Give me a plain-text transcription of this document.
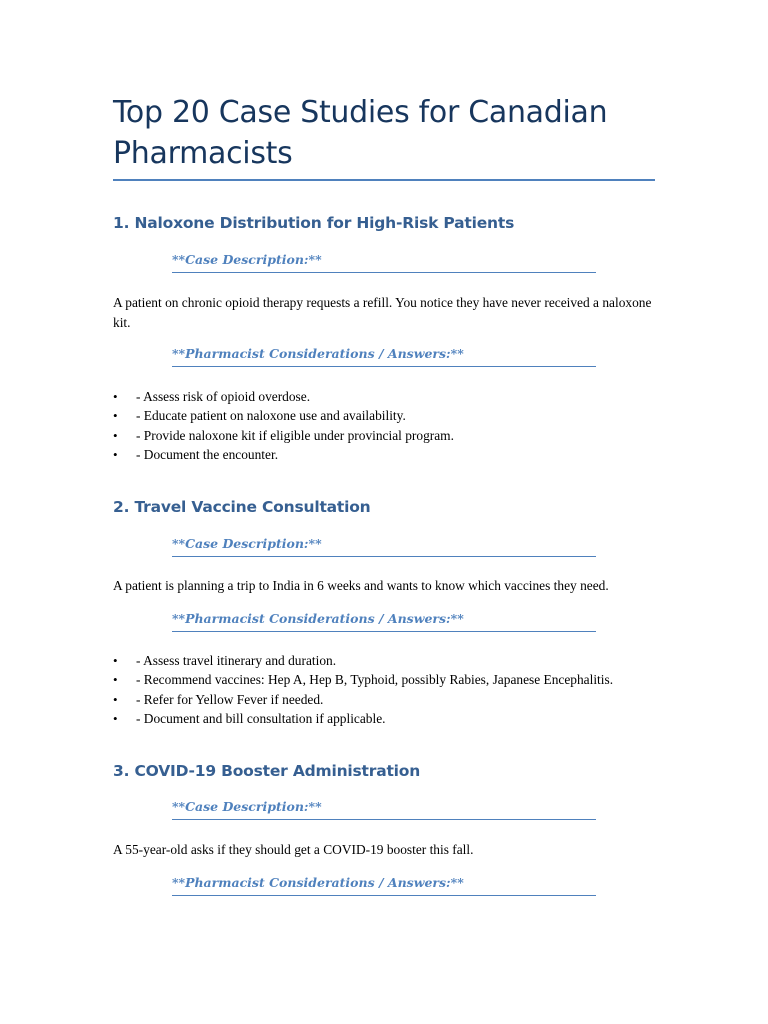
Top 20 Case Studies for Canadian Pharmacists
1. Naloxone Distribution for High-Risk Patients
**Case Description:**

A patient on chronic opioid therapy requests a refill. You notice they have never received a naloxone kit.

**Pharmacist Considerations / Answers:**
• - Assess risk of opioid overdose.
• - Educate patient on naloxone use and availability.
• - Provide naloxone kit if eligible under provincial program.
• - Document the encounter.
2. Travel Vaccine Consultation
**Case Description:**

A patient is planning a trip to India in 6 weeks and wants to know which vaccines they need.

**Pharmacist Considerations / Answers:**
• - Assess travel itinerary and duration.
• - Recommend vaccines: Hep A, Hep B, Typhoid, possibly Rabies, Japanese Encephalitis.
• - Refer for Yellow Fever if needed.
• - Document and bill consultation if applicable.
3. COVID-19 Booster Administration
**Case Description:**

A 55-year-old asks if they should get a COVID-19 booster this fall.

**Pharmacist Considerations / Answers:**
